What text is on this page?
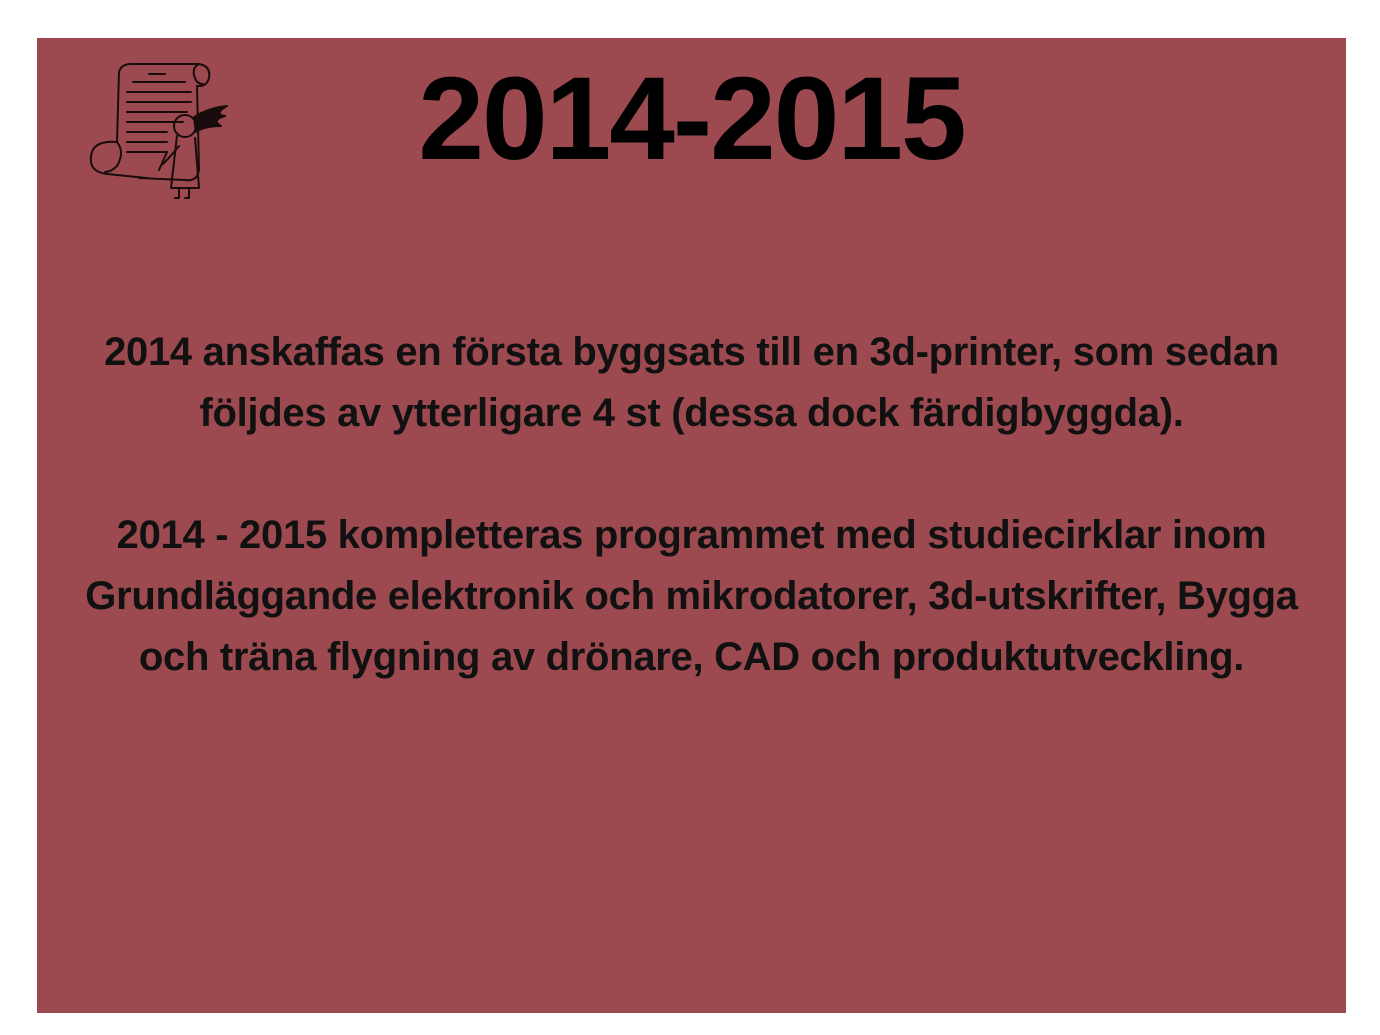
2014-2015

2014 anskaffas en första byggsats till en 3d-printer, som sedan följdes av ytterligare 4 st (dessa dock färdigbyggda).

2014 - 2015 kompletteras programmet med studiecirklar inom Grundläggande elektronik och mikrodatorer, 3d-utskrifter, Bygga och träna flygning av drönare, CAD och produktutveckling.
